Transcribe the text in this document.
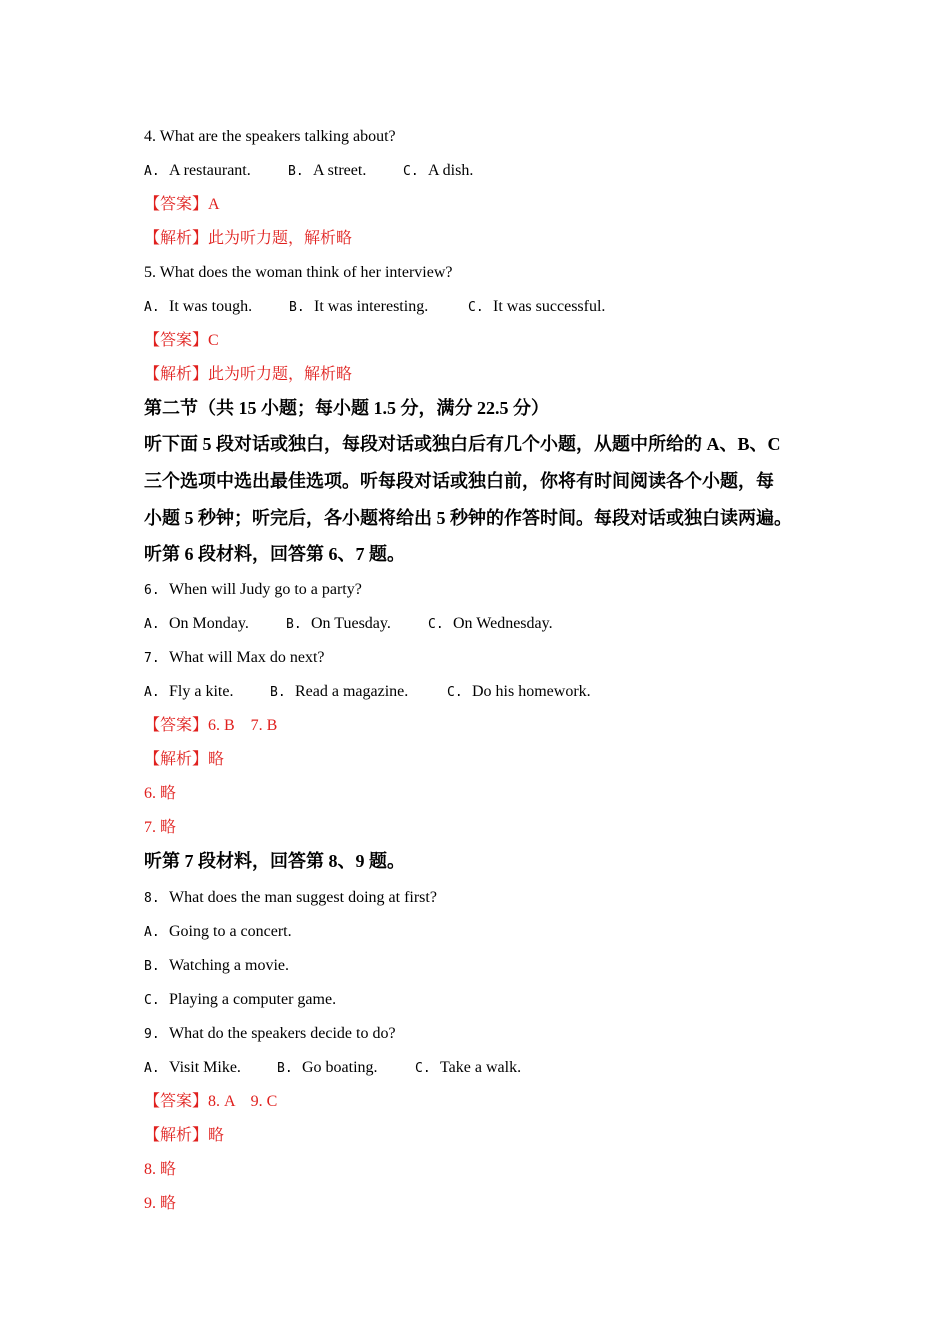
4. What are the speakers talking about?
A. A restaurant.	B. A street.	C. A dish.
【答案】A
【解析】此为听力题，解析略
5. What does the woman think of her interview?
A. It was tough.	B. It was interesting.	C. It was successful.
【答案】C
【解析】此为听力题，解析略
第二节（共 15 小题；每小题 1.5 分，满分 22.5 分）
听下面 5 段对话或独白，每段对话或独白后有几个小题，从题中所给的 A、B、C
三个选项中选出最佳选项。听每段对话或独白前，你将有时间阅读各个小题，每
小题 5 秒钟；听完后，各小题将给出 5 秒钟的作答时间。每段对话或独白读两遍。
听第 6 段材料，回答第 6、7 题。
6. When will Judy go to a party?
A. On Monday.	B. On Tuesday.	C. On Wednesday.
7. What will Max do next?
A. Fly a kite.	B. Read a magazine.	C. Do his homework.
【答案】6. B    7. B
【解析】略
6. 略
7. 略
听第 7 段材料，回答第 8、9 题。
8. What does the man suggest doing at first?
A. Going to a concert.
B. Watching a movie.
C. Playing a computer game.
9. What do the speakers decide to do?
A. Visit Mike.	B. Go boating.	C. Take a walk.
【答案】8. A    9. C
【解析】略
8. 略
9. 略
